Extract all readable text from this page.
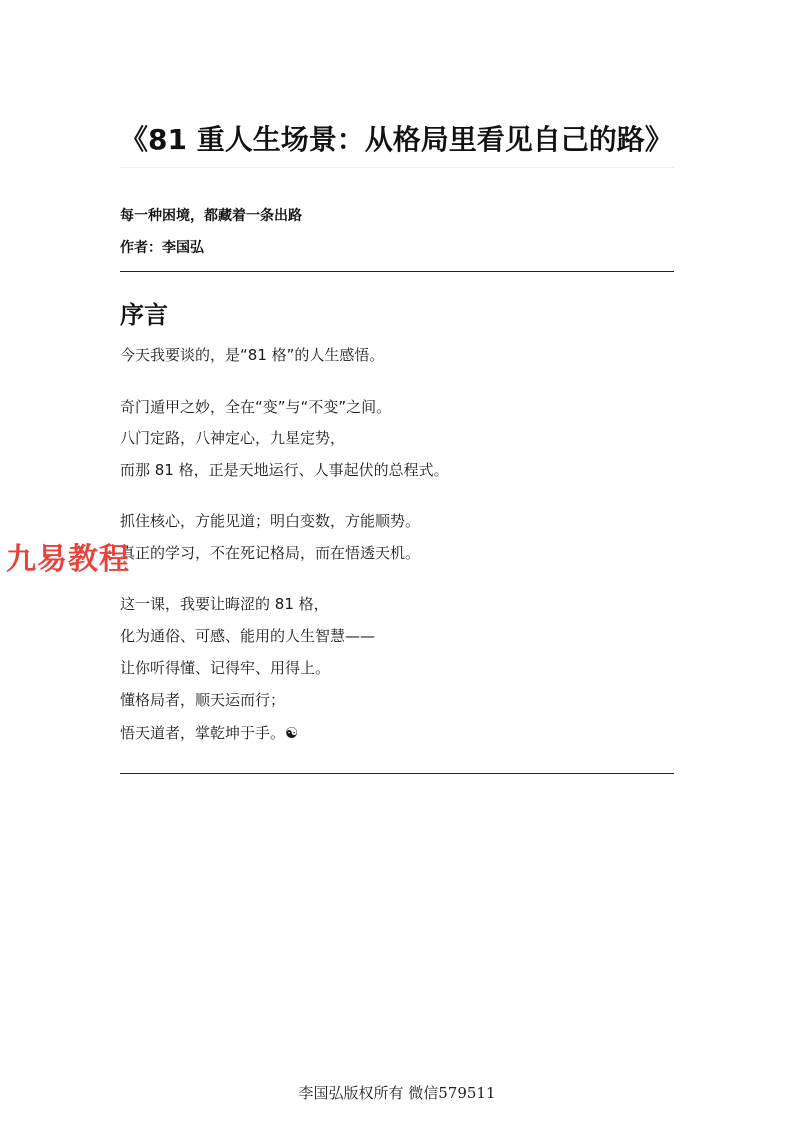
《81 重人生场景：从格局里看见自己的路》
每一种困境，都藏着一条出路
作者：李国弘
序言
今天我要谈的，是“81 格”的人生感悟。
奇门遁甲之妙，全在“变”与“不变”之间。
八门定路，八神定心，九星定势，
而那 81 格，正是天地运行、人事起伏的总程式。
抓住核心，方能见道；明白变数，方能顺势。
真正的学习，不在死记格局，而在悟透天机。
这一课，我要让晦涩的 81 格，
化为通俗、可感、能用的人生智慧——
让你听得懂、记得牢、用得上。
懂格局者，顺天运而行；
悟天道者，掌乾坤于手。☯
九易教程
李国弘版权所有 微信579511
